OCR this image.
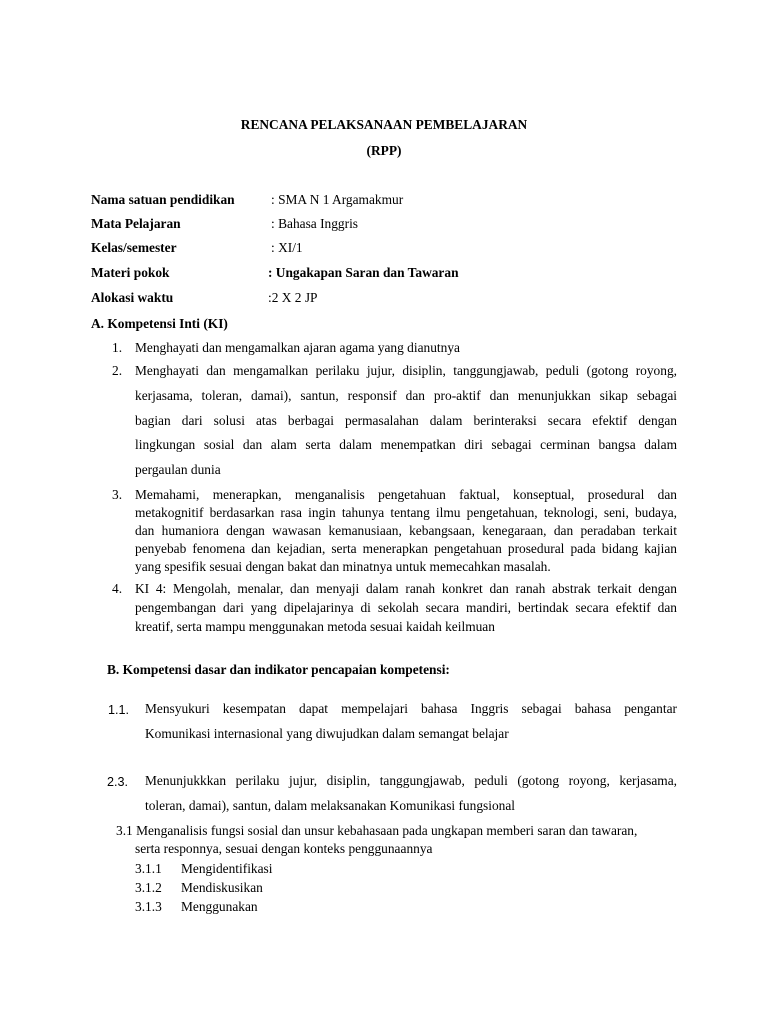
RENCANA PELAKSANAAN PEMBELAJARAN
(RPP)
Nama satuan pendidikan	: SMA N 1 Argamakmur
Mata Pelajaran	: Bahasa Inggris
Kelas/semester	: XI/1
Materi pokok	: Ungakapan Saran dan Tawaran
Alokasi waktu	:2 X 2 JP
A. Kompetensi Inti (KI)
1. Menghayati dan mengamalkan ajaran agama yang dianutnya
2. Menghayati dan mengamalkan perilaku jujur, disiplin, tanggungjawab, peduli (gotong royong,
kerjasama, toleran, damai), santun, responsif dan pro-aktif dan menunjukkan sikap sebagai
bagian dari solusi atas berbagai permasalahan dalam berinteraksi secara efektif dengan
lingkungan sosial dan alam serta dalam menempatkan diri sebagai cerminan bangsa dalam
pergaulan dunia
3. Memahami, menerapkan, menganalisis pengetahuan faktual, konseptual, prosedural dan
metakognitif berdasarkan rasa ingin tahunya tentang ilmu pengetahuan, teknologi, seni, budaya,
dan humaniora dengan wawasan kemanusiaan, kebangsaan, kenegaraan, dan peradaban terkait
penyebab fenomena dan kejadian, serta menerapkan pengetahuan prosedural pada bidang kajian
yang spesifik sesuai dengan bakat dan minatnya untuk memecahkan masalah.
4. KI 4: Mengolah, menalar, dan menyaji dalam ranah konkret dan ranah abstrak terkait dengan
pengembangan dari yang dipelajarinya di sekolah secara mandiri, bertindak secara efektif dan
kreatif, serta mampu menggunakan metoda sesuai kaidah keilmuan
B. Kompetensi dasar dan indikator pencapaian kompetensi:
1.1. Mensyukuri kesempatan dapat mempelajari bahasa Inggris sebagai bahasa pengantar
Komunikasi internasional yang diwujudkan dalam semangat belajar
2.3. Menunjukkkan perilaku jujur, disiplin, tanggungjawab, peduli (gotong royong, kerjasama,
toleran, damai), santun, dalam melaksanakan Komunikasi fungsional
3.1 Menganalisis fungsi sosial dan unsur kebahasaan pada ungkapan memberi saran dan tawaran,
serta responnya, sesuai dengan konteks penggunaannya
3.1.1 Mengidentifikasi
3.1.2 Mendiskusikan
3.1.3 Menggunakan
